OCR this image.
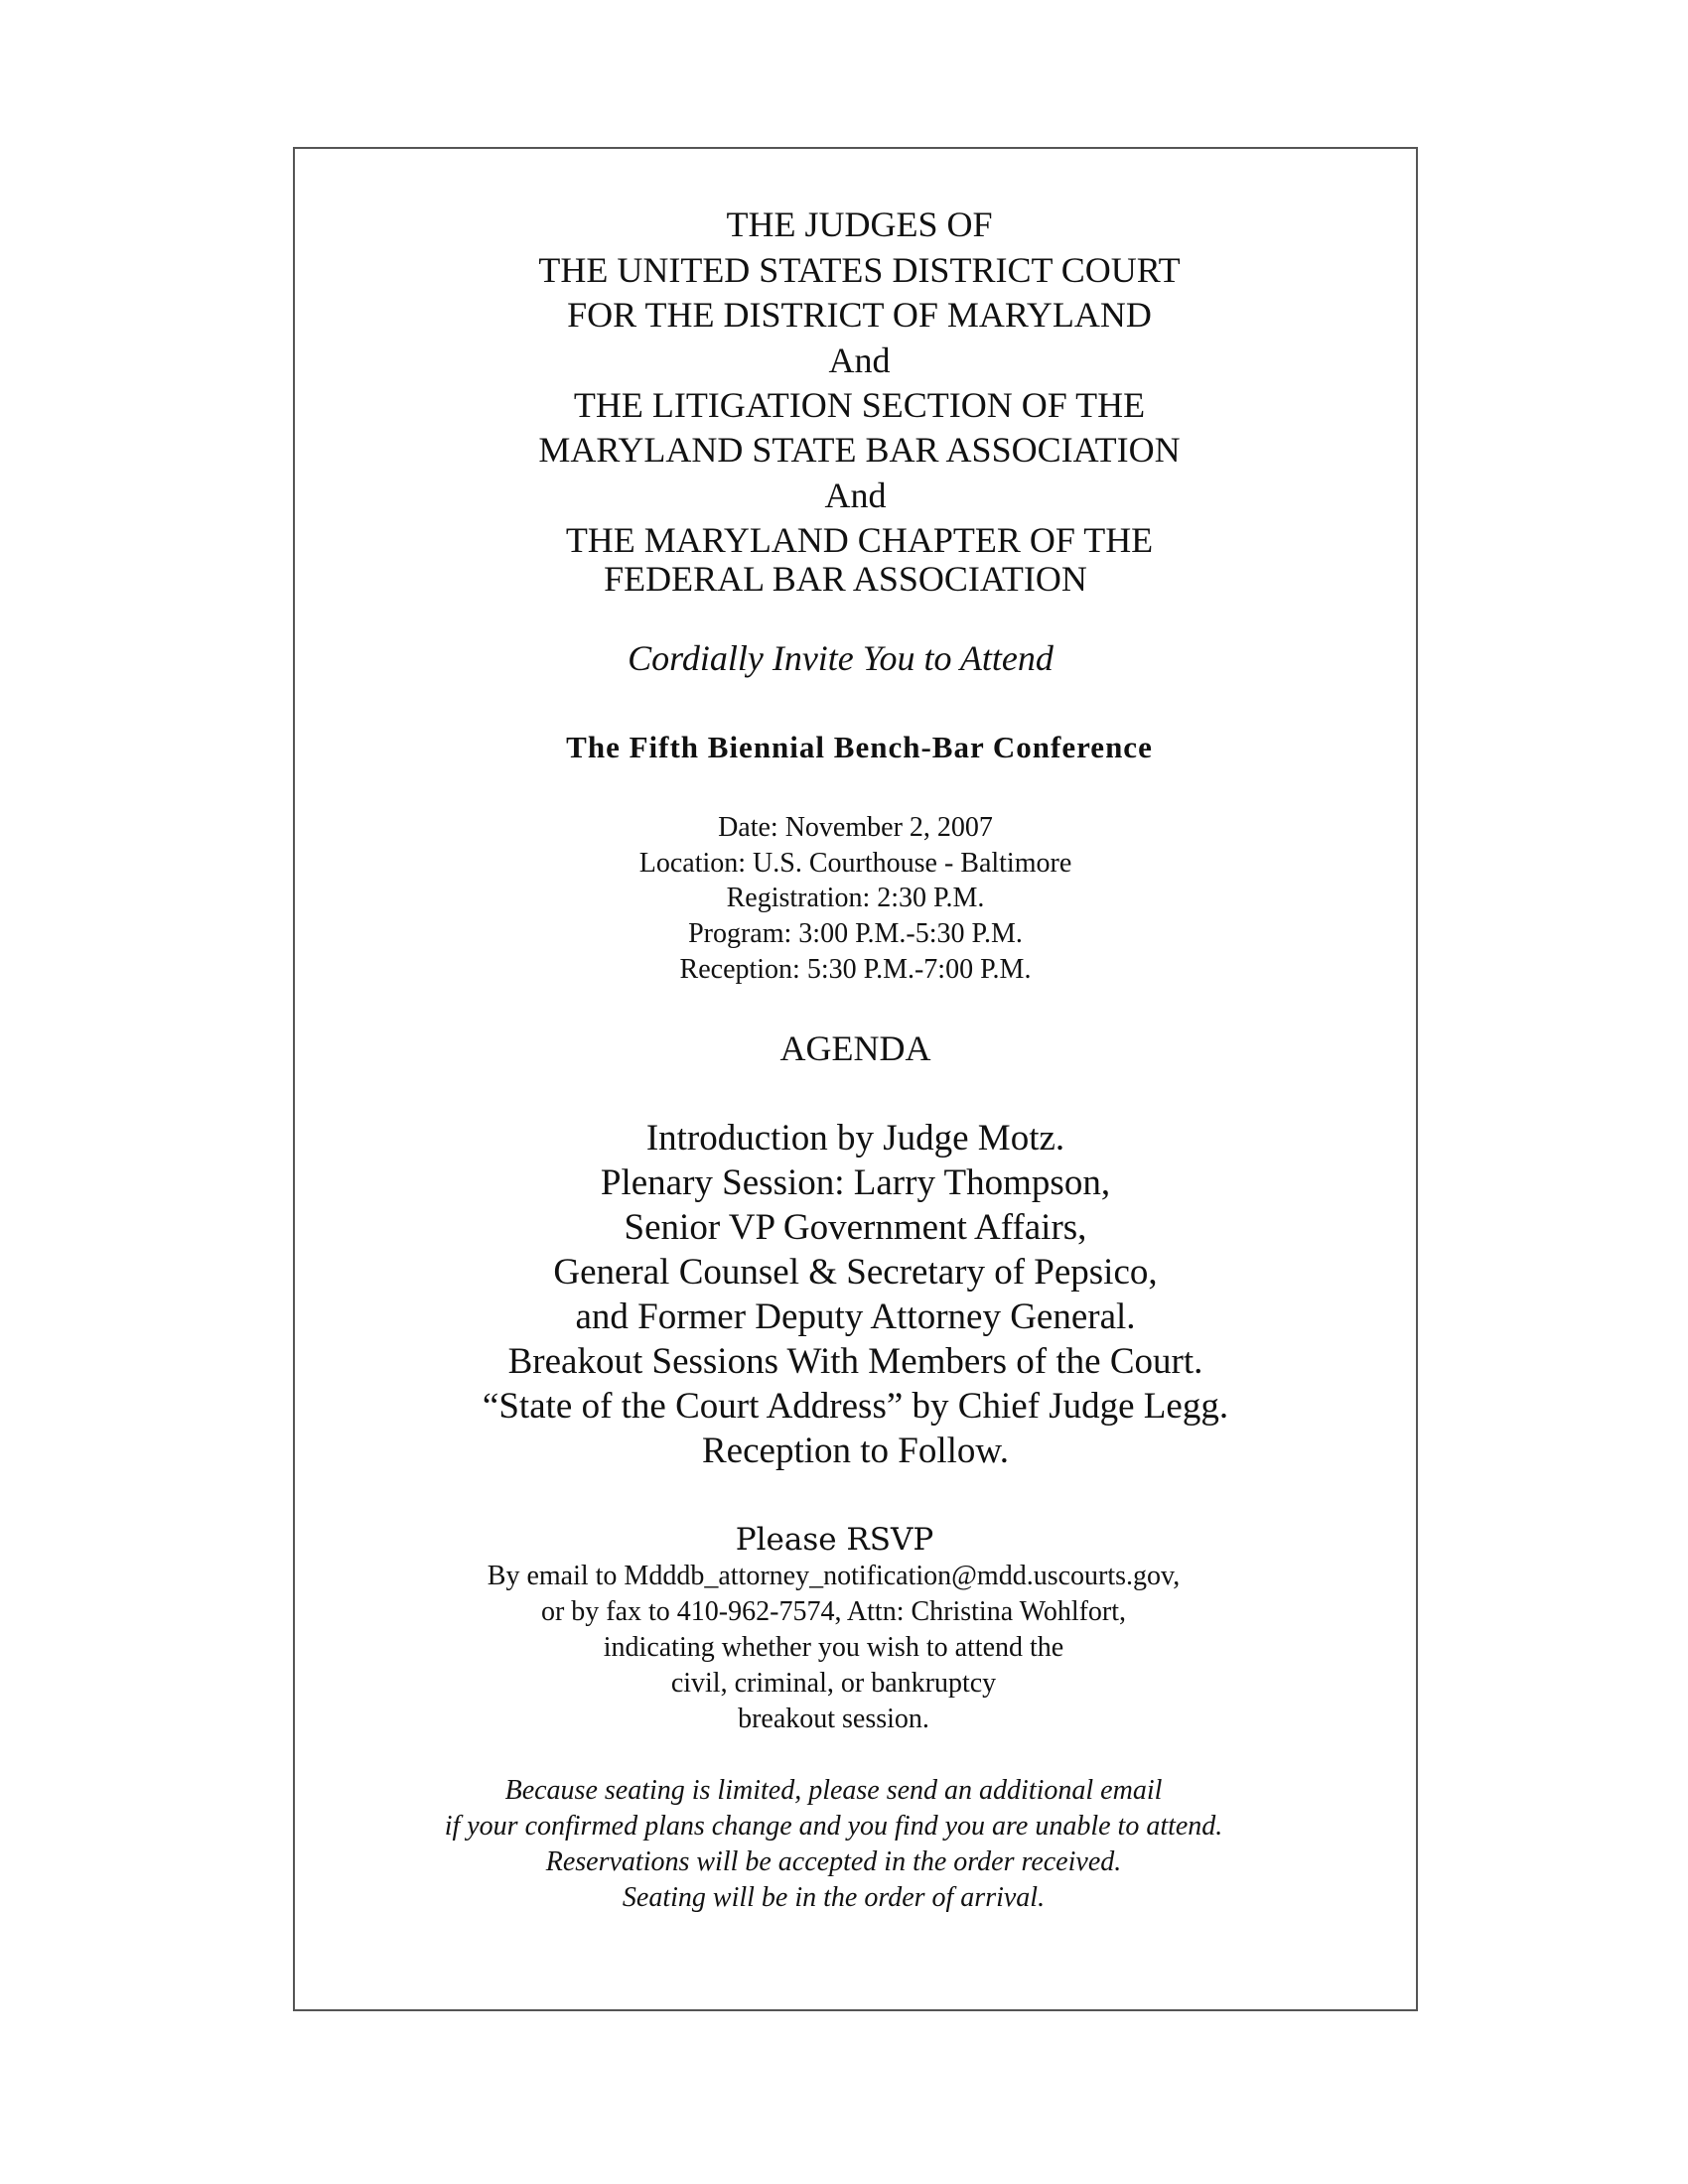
THE JUDGES OF
THE UNITED STATES DISTRICT COURT
FOR THE DISTRICT OF MARYLAND
And
THE LITIGATION SECTION OF THE
MARYLAND STATE BAR ASSOCIATION
And
THE MARYLAND CHAPTER OF THE
FEDERAL BAR ASSOCIATION
Cordially Invite You to Attend
The Fifth Biennial Bench-Bar Conference
Date: November 2, 2007
Location: U.S. Courthouse - Baltimore
Registration: 2:30 P.M.
Program: 3:00 P.M.-5:30 P.M.
Reception: 5:30 P.M.-7:00 P.M.
AGENDA
Introduction by Judge Motz.
Plenary Session: Larry Thompson,
Senior VP Government Affairs,
General Counsel & Secretary of Pepsico,
and Former Deputy Attorney General.
Breakout Sessions With Members of the Court.
“State of the Court Address” by Chief Judge Legg.
Reception to Follow.
Please RSVP
By email to Mdddb_attorney_notification@mdd.uscourts.gov,
or by fax to 410-962-7574, Attn: Christina Wohlfort,
indicating whether you wish to attend the
civil, criminal, or bankruptcy
breakout session.
Because seating is limited, please send an additional email
if your confirmed plans change and you find you are unable to attend.
Reservations will be accepted in the order received.
Seating will be in the order of arrival.
